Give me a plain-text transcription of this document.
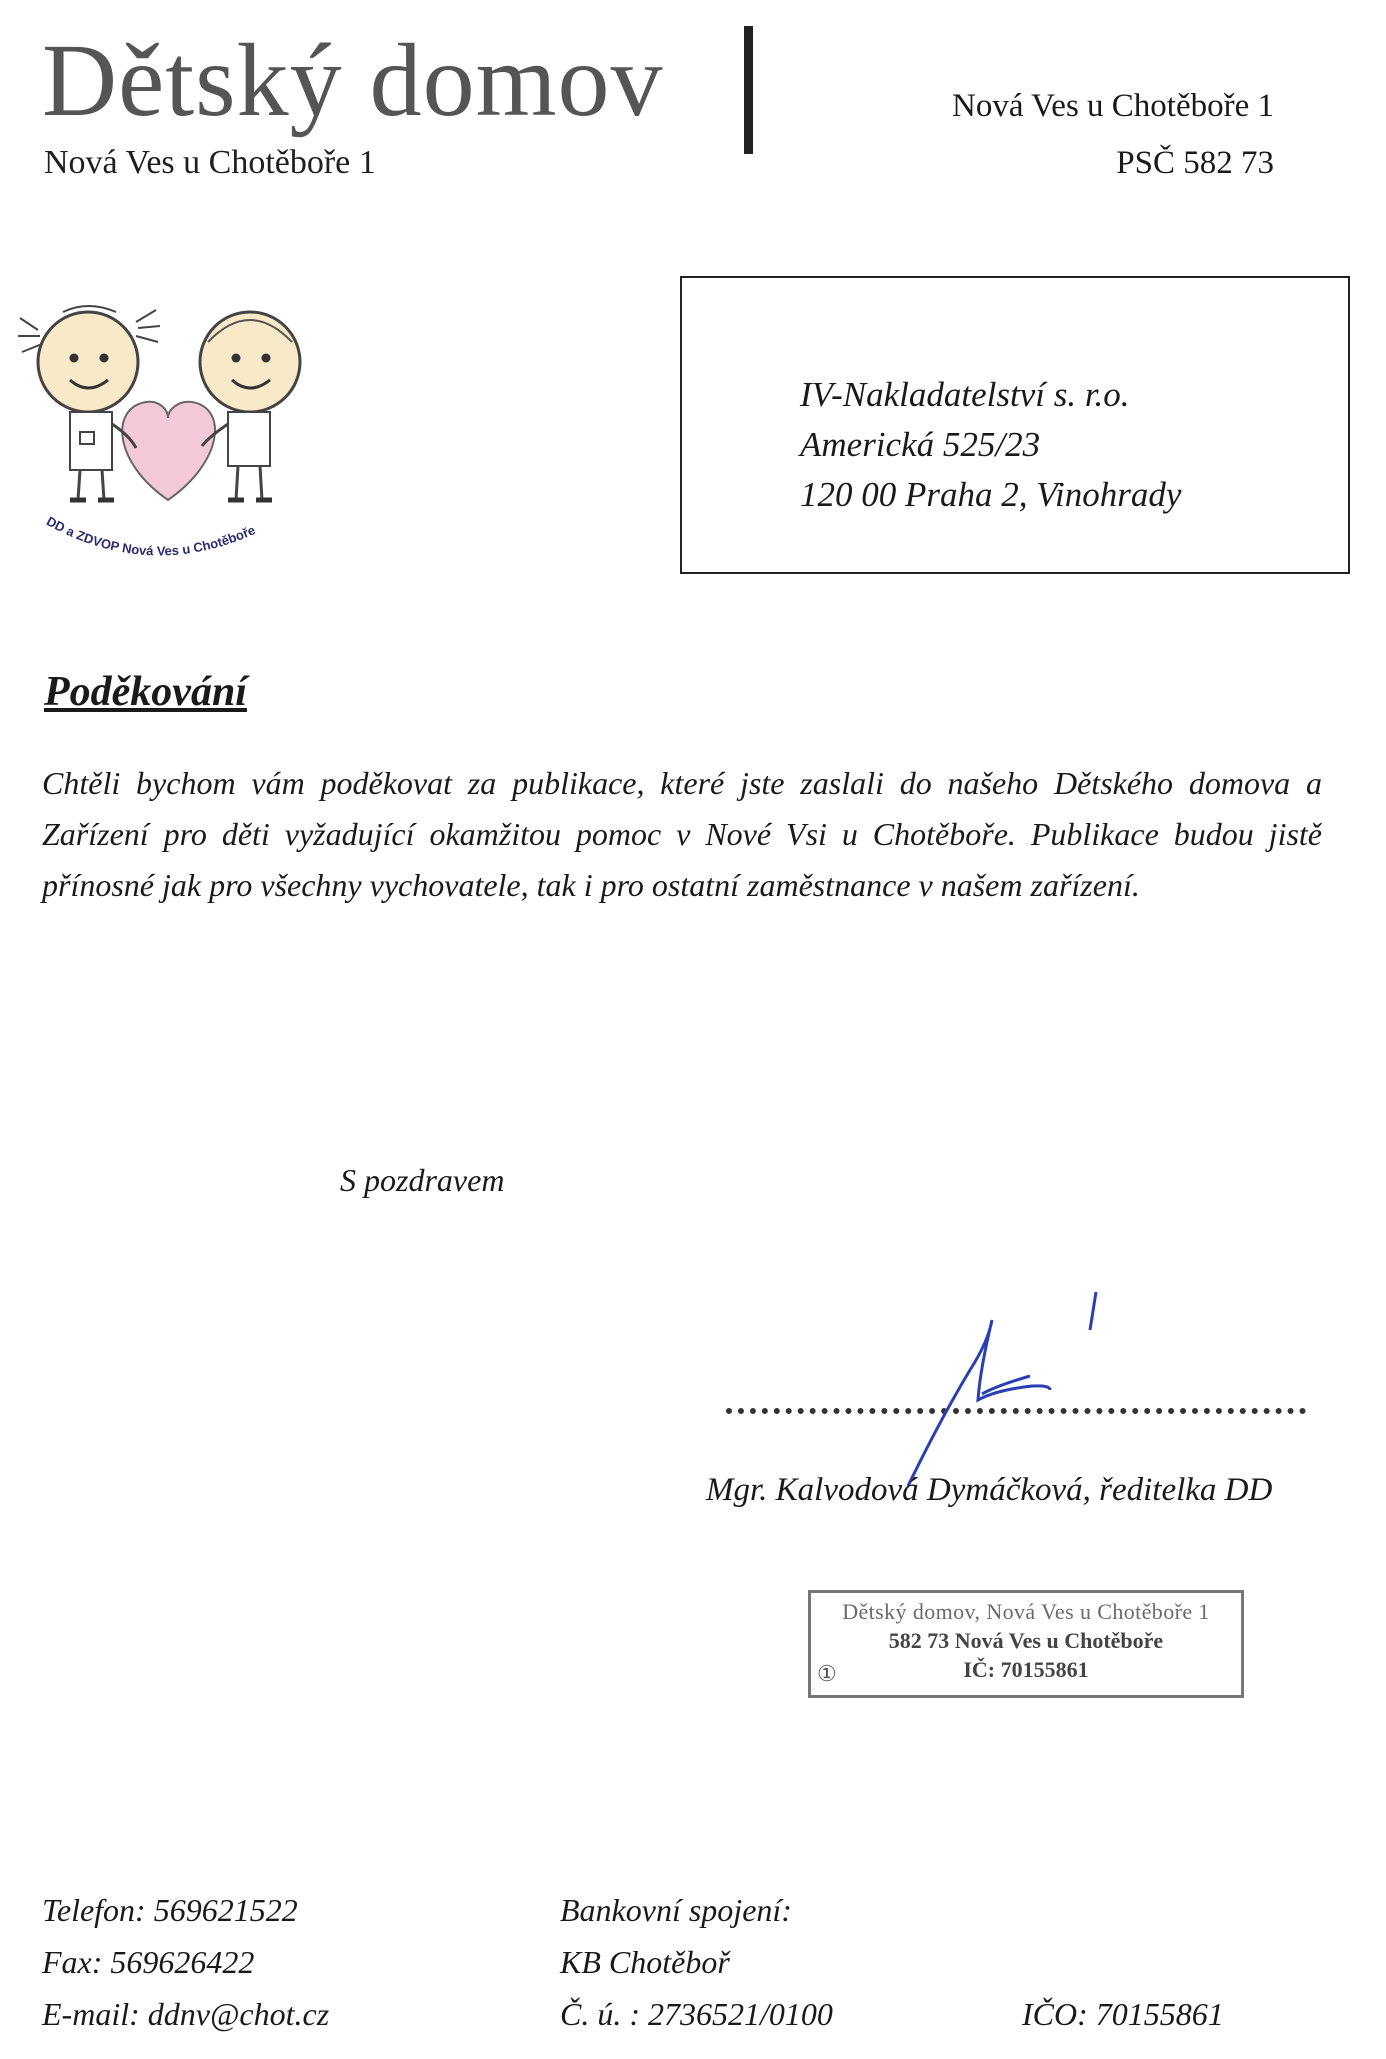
Dětský domov
Nová Ves u Chotěboře 1
Nová Ves u Chotěboře 1
PSČ 582 73
DD a ZDVOP Nová Ves u Chotěboře
IV-Nakladatelství s. r.o.
Americká 525/23
120 00 Praha 2, Vinohrady
Poděkování
Chtěli bychom vám poděkovat za publikace, které jste zaslali do našeho Dětského domova a Zařízení pro děti vyžadující okamžitou pomoc v Nové Vsi u Chotěboře. Publikace budou jistě přínosné jak pro všechny vychovatele, tak i pro ostatní zaměstnance v našem zařízení.
S pozdravem
Mgr. Kalvodová Dymáčková, ředitelka DD
Dětský domov, Nová Ves u Chotěboře 1
582 73 Nová Ves u Chotěboře
IČ: 70155861
①
Telefon: 569621522
Fax: 569626422
E-mail: ddnv@chot.cz
Bankovní spojení:
KB Chotěboř
Č. ú. : 2736521/0100	IČO: 70155861
